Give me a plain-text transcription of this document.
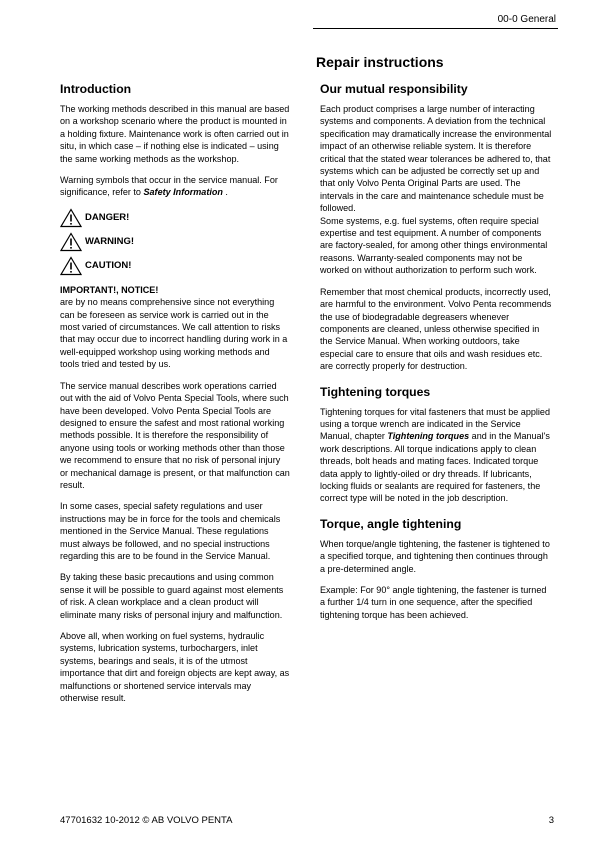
00-0 General
Repair instructions
Introduction

The working methods described in this manual are based on a workshop scenario where the product is mounted in a holding fixture. Maintenance work is often carried out in situ, in which case – if nothing else is indicated – using the same working methods as the workshop.

Warning symbols that occur in the service manual. For significance, refer to Safety Information .

DANGER!
WARNING!
CAUTION!
IMPORTANT!, NOTICE!

are by no means comprehensive since not everything can be foreseen as service work is carried out in the most varied of circumstances. We call attention to risks that may occur due to incorrect handling during work in a well-equipped workshop using working methods and tools tried and tested by us.

The service manual describes work operations carried out with the aid of Volvo Penta Special Tools, where such have been developed. Volvo Penta Special Tools are designed to ensure the safest and most rational working methods possible. It is therefore the responsibility of anyone using tools or working methods other than those we recommend to ensure that no risk of personal injury or mechanical damage is present, or that malfunction can result.

In some cases, special safety regulations and user instructions may be in force for the tools and chemicals mentioned in the Service Manual. These regulations must always be followed, and no special instructions regarding this are to be found in the Service Manual.

By taking these basic precautions and using common sense it will be possible to guard against most elements of risk. A clean workplace and a clean product will eliminate many risks of personal injury and malfunction.

Above all, when working on fuel systems, hydraulic systems, lubrication systems, turbochargers, inlet systems, bearings and seals, it is of the utmost importance that dirt and foreign objects are kept away, as malfunctions or shortened service intervals may otherwise result.

Our mutual responsibility

Each product comprises a large number of interacting systems and components. A deviation from the technical specification may dramatically increase the environmental impact of an otherwise reliable system. It is therefore critical that the stated wear tolerances be adhered to, that systems which can be adjusted be correctly set up and that only Volvo Penta Original Parts are used. The intervals in the care and maintenance schedule must be followed.

Some systems, e.g. fuel systems, often require special expertise and test equipment. A number of components are factory-sealed, for among other things environmental reasons. Warranty-sealed components may not be worked on without authorization to perform such work.

Remember that most chemical products, incorrectly used, are harmful to the environment. Volvo Penta recommends the use of biodegradable degreasers whenever components are cleaned, unless otherwise specified in the Service Manual. When working outdoors, take especial care to ensure that oils and wash residues etc. are correctly properly for destruction.

Tightening torques

Tightening torques for vital fasteners that must be applied using a torque wrench are indicated in the Service Manual, chapter Tightening torques and in the Manual's work descriptions. All torque indications apply to clean threads, bolt heads and mating faces. Indicated torque data apply to lightly-oiled or dry threads. If lubricants, locking fluids or sealants are required for fasteners, the correct type will be noted in the job description.

Torque, angle tightening

When torque/angle tightening, the fastener is tightened to a specified torque, and tightening then continues through a pre-determined angle.

Example: For 90° angle tightening, the fastener is turned a further 1/4 turn in one sequence, after the specified tightening torque has been achieved.

47701632 10-2012 © AB VOLVO PENTA	3
